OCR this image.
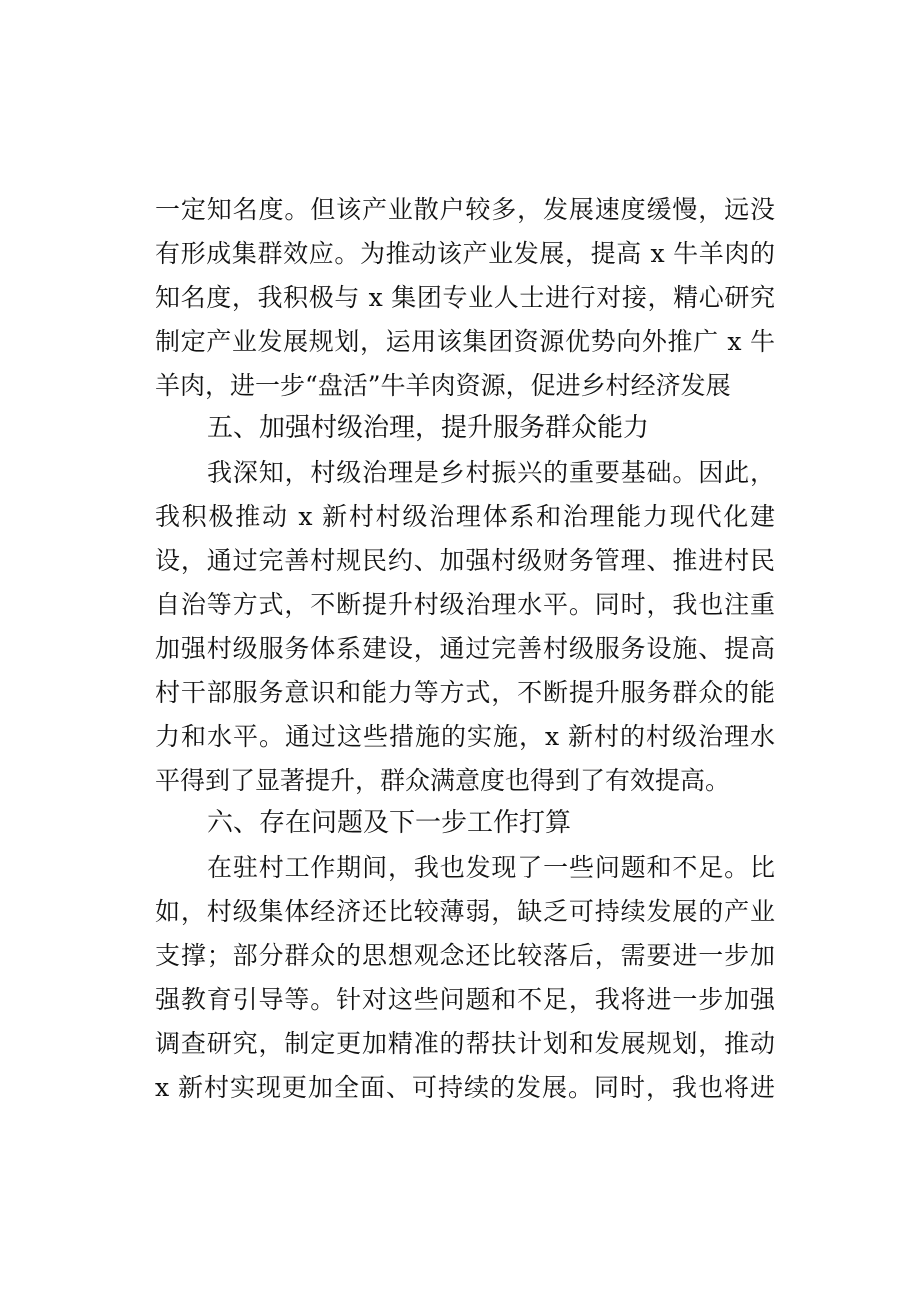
一定知名度。但该产业散户较多，发展速度缓慢，远没
有形成集群效应。为推动该产业发展，提高 x 牛羊肉的
知名度，我积极与 x 集团专业人士进行对接，精心研究
制定产业发展规划，运用该集团资源优势向外推广 x 牛
羊肉，进一步“盘活”牛羊肉资源，促进乡村经济发展
五、加强村级治理，提升服务群众能力
我深知，村级治理是乡村振兴的重要基础。因此，
我积极推动 x 新村村级治理体系和治理能力现代化建
设，通过完善村规民约、加强村级财务管理、推进村民
自治等方式，不断提升村级治理水平。同时，我也注重
加强村级服务体系建设，通过完善村级服务设施、提高
村干部服务意识和能力等方式，不断提升服务群众的能
力和水平。通过这些措施的实施，x 新村的村级治理水
平得到了显著提升，群众满意度也得到了有效提高。
六、存在问题及下一步工作打算
在驻村工作期间，我也发现了一些问题和不足。比
如，村级集体经济还比较薄弱，缺乏可持续发展的产业
支撑；部分群众的思想观念还比较落后，需要进一步加
强教育引导等。针对这些问题和不足，我将进一步加强
调查研究，制定更加精准的帮扶计划和发展规划，推动
x 新村实现更加全面、可持续的发展。同时，我也将进
